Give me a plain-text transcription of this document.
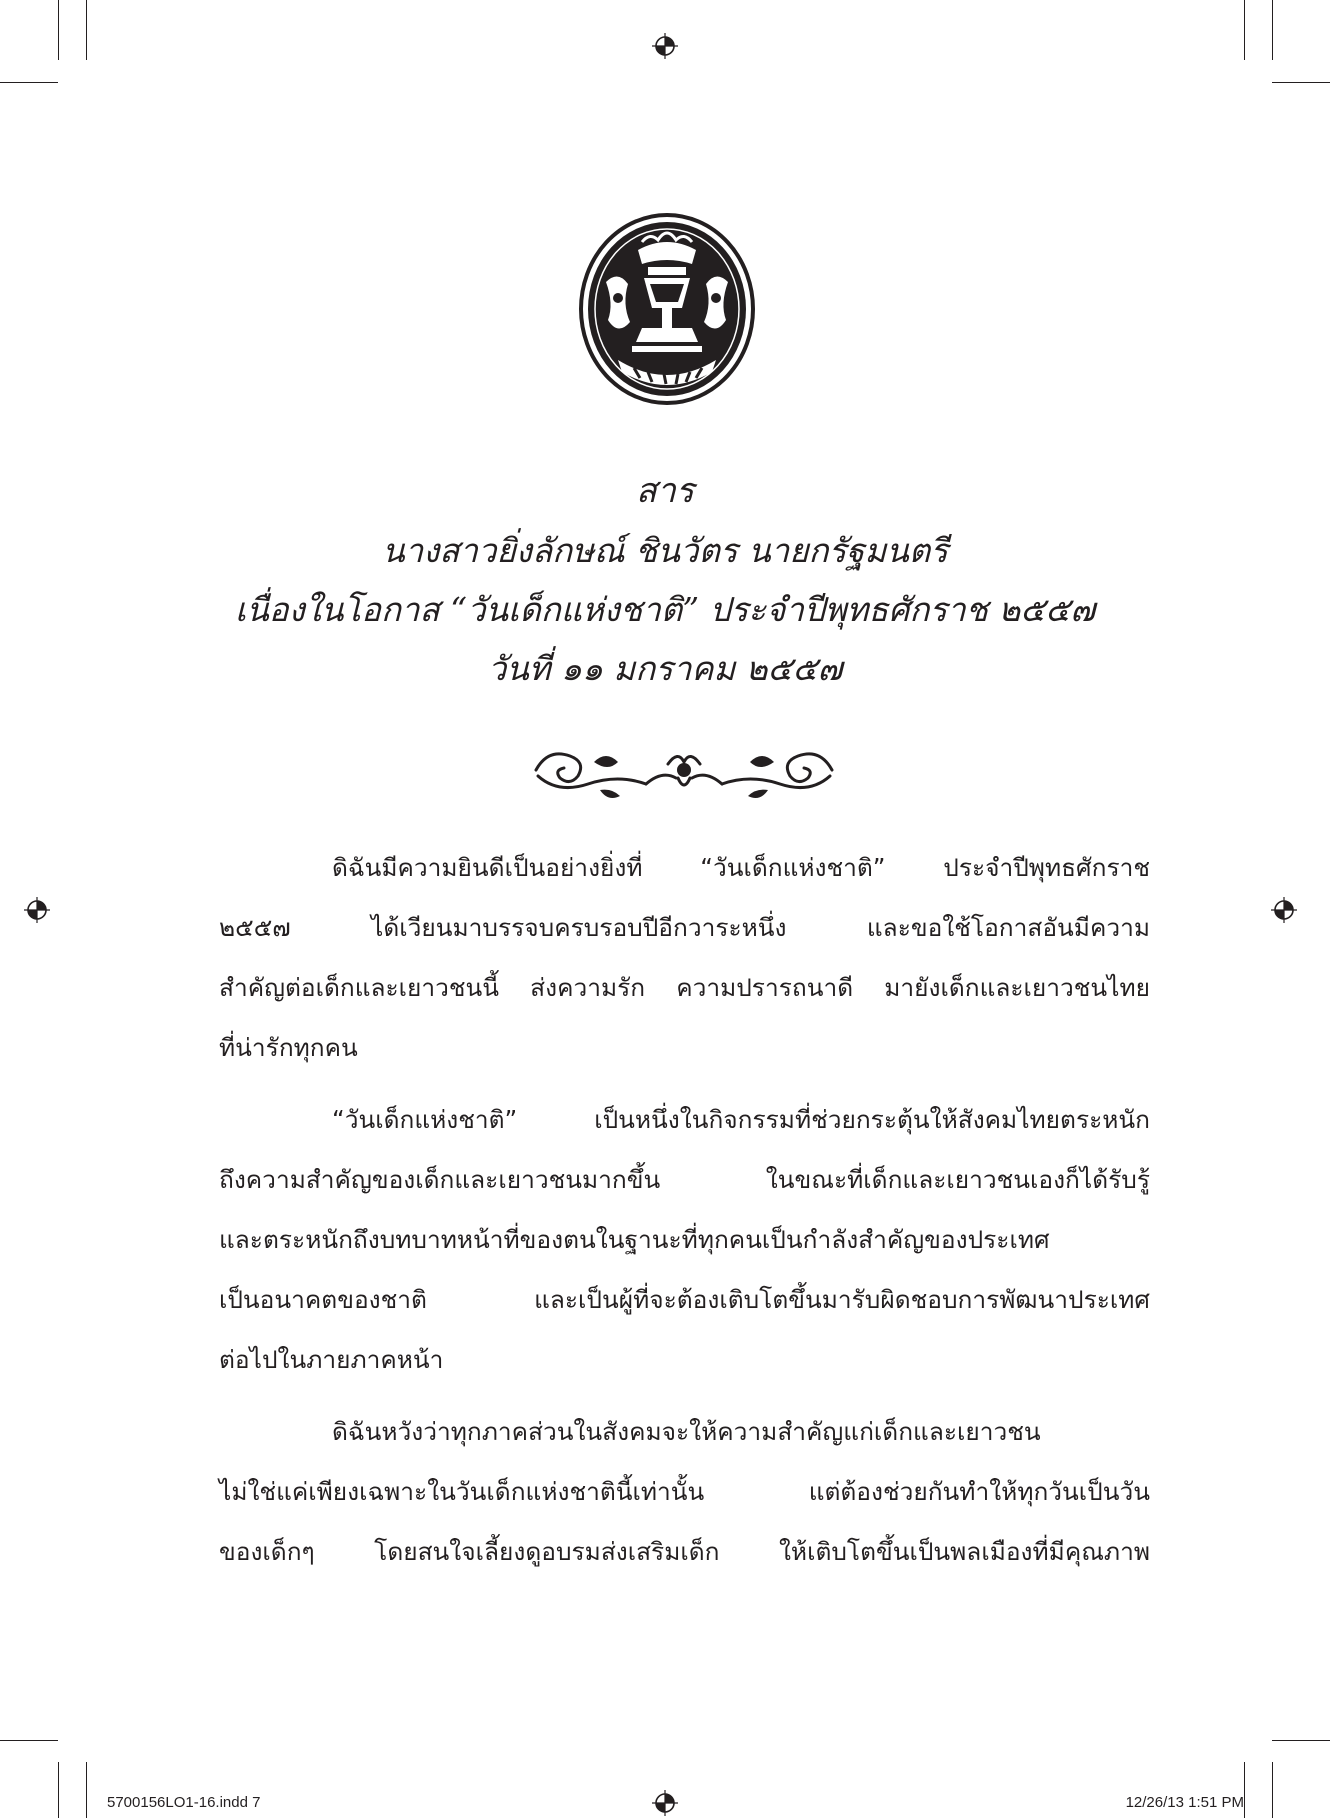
สาร
นางสาวยิ่งลักษณ์ ชินวัตร นายกรัฐมนตรี
เนื่องในโอกาส “วันเด็กแห่งชาติ” ประจำปีพุทธศักราช ๒๕๕๗
วันที่ ๑๑ มกราคม ๒๕๕๗
ดิฉันมีความยินดีเป็นอย่างยิ่งที่ “วันเด็กแห่งชาติ” ประจำปีพุทธศักราช
๒๕๕๗ ได้เวียนมาบรรจบครบรอบปีอีกวาระหนึ่ง และขอใช้โอกาสอันมีความ
สำคัญต่อเด็กและเยาวชนนี้ ส่งความรัก ความปรารถนาดี มายังเด็กและเยาวชนไทย
ที่น่ารักทุกคน
“วันเด็กแห่งชาติ” เป็นหนึ่งในกิจกรรมที่ช่วยกระตุ้นให้สังคมไทยตระหนัก
ถึงความสำคัญของเด็กและเยาวชนมากขึ้น ในขณะที่เด็กและเยาวชนเองก็ได้รับรู้
และตระหนักถึงบทบาทหน้าที่ของตนในฐานะที่ทุกคนเป็นกำลังสำคัญของประเทศ
เป็นอนาคตของชาติ และเป็นผู้ที่จะต้องเติบโตขึ้นมารับผิดชอบการพัฒนาประเทศ
ต่อไปในภายภาคหน้า
ดิฉันหวังว่าทุกภาคส่วนในสังคมจะให้ความสำคัญแก่เด็กและเยาวชน
ไม่ใช่แค่เพียงเฉพาะในวันเด็กแห่งชาตินี้เท่านั้น แต่ต้องช่วยกันทำให้ทุกวันเป็นวัน
ของเด็กๆ โดยสนใจเลี้ยงดูอบรมส่งเสริมเด็ก ให้เติบโตขึ้นเป็นพลเมืองที่มีคุณภาพ
5700156LO1-16.indd 7	12/26/13 1:51 PM
